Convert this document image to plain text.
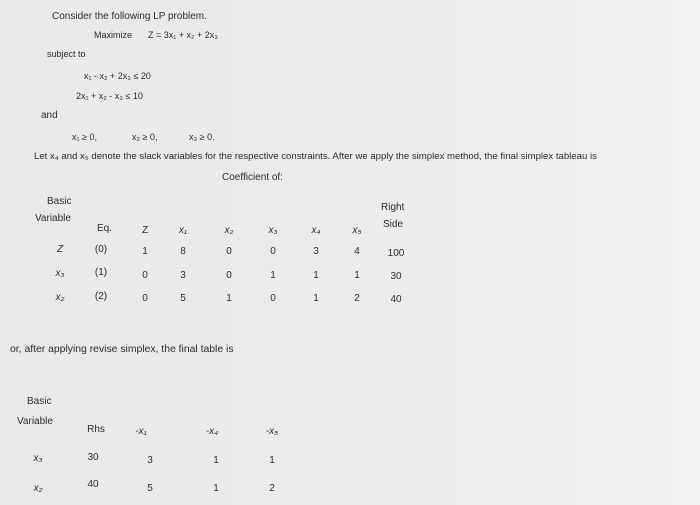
Consider the following LP problem.
Maximize Z = 3x₁ + x₂ + 2x₃
subject to
x₁ - x₂ + 2x₃ ≤ 20
2x₁ + x₂ - x₃ ≤ 10
and
x₁ ≥ 0,	x₂ ≥ 0,	x₃ ≥ 0.
Let x₄ and x₅ denote the slack variables for the respective constraints. After we apply the simplex method, the final simplex tableau is
Coefficient of:
Basic
Variable
Eq.
Right
Side
Z	x₁	x₂	x₃	x₄	x₅
Z	(0)	1	8	0	0	3	4	100
x₃	(1)	0	3	0	1	1	1	30
x₂	(2)	0	5	1	0	1	2	40
or, after applying revise simplex, the final table is
Basic
Variable
Rhs	-x₁	-x₄	-x₅
x₃	30	3	1	1
x₂	40	5	1	2
